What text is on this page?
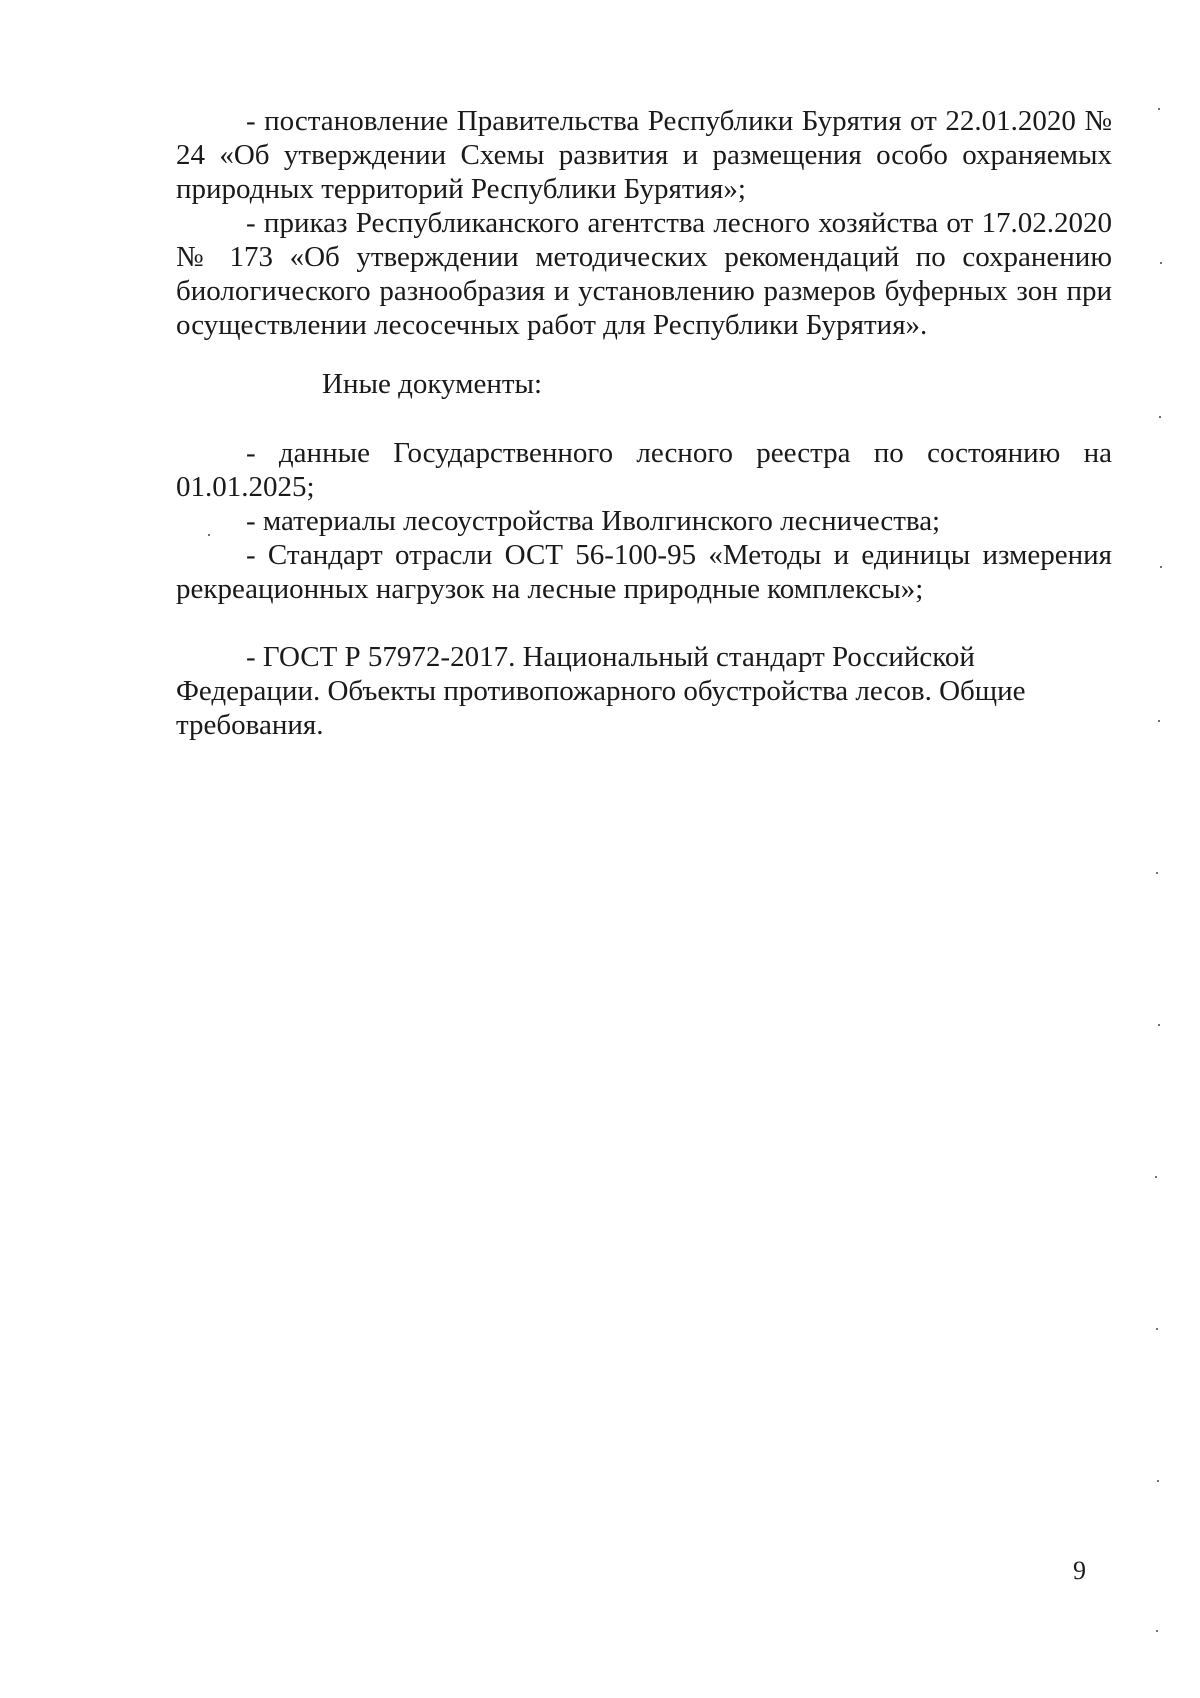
- постановление Правительства Республики Бурятия от 22.01.2020 № 24 «Об утверждении Схемы развития и размещения особо охраняемых природных территорий Республики Бурятия»;

- приказ Республиканского агентства лесного хозяйства от 17.02.2020 № 173 «Об утверждении методических рекомендаций по сохранению биологического разнообразия и установлению размеров буферных зон при осуществлении лесосечных работ для Республики Бурятия».

Иные документы:

- данные Государственного лесного реестра по состоянию на 01.01.2025;

- материалы лесоустройства Иволгинского лесничества;

- Стандарт отрасли ОСТ 56-100-95 «Методы и единицы измерения рекреационных нагрузок на лесные природные комплексы»;

- ГОСТ Р 57972-2017. Национальный стандарт Российской Федерации. Объекты противопожарного обустройства лесов. Общие требования.

9
